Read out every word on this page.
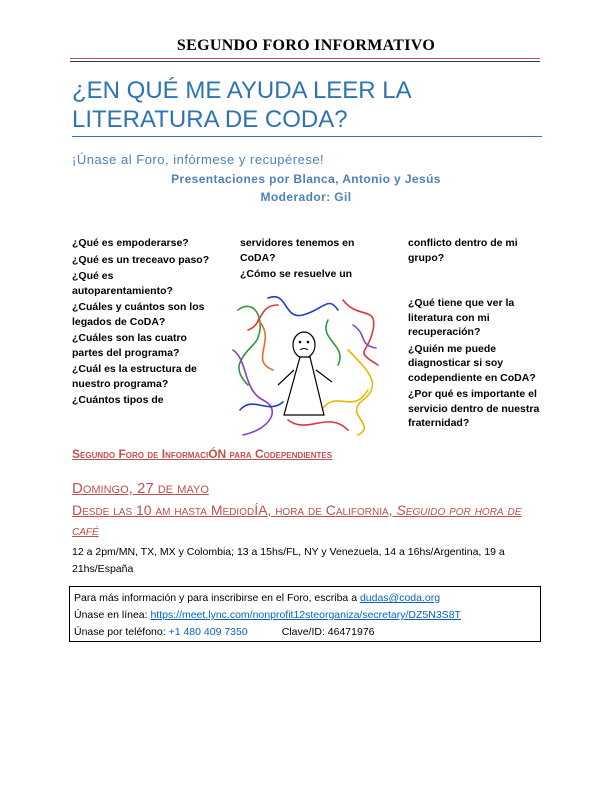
SEGUNDO FORO INFORMATIVO
¿EN QUÉ ME AYUDA LEER LA LITERATURA DE CODA?
¡Únase al Foro, infórmese y recupérese!
Presentaciones por Blanca, Antonio y Jesús
Moderador: Gil

¿Qué es empoderarse?

¿Qué es un treceavo paso?

¿Qué es autoparentamiento?

¿Cuáles y cuántos son los legados de CoDA?

¿Cuáles son las cuatro partes del programa?

¿Cuál es la estructura de nuestro programa?

¿Cuántos tipos de

servidores tenemos en CoDA?

¿Cómo se resuelve un

conflicto dentro de mi grupo?

¿Qué tiene que ver la literatura con mi recuperación?

¿Quién me puede diagnosticar si soy codependiente en CoDA?

¿Por qué es importante el servicio dentro de nuestra fraternidad?

Segundo Foro de InformaciÓN para Codependientes
Domingo, 27 de mayo
Desde las 10 am hasta MediodÍA, hora de California, Seguido por hora de café
12 a 2pm/MN, TX, MX y Colombia; 13 a 15hs/FL, NY y Venezuela, 14 a 16hs/Argentina, 19 a 21hs/España
Para más información y para inscribirse en el Foro, escriba a dudas@coda.org
Únase en línea: https://meet.lync.com/nonprofit12steorganiza/secretary/DZ5N3S8T
Únase por teléfono: +1 480 409 7350	Clave/ID: 46471976
